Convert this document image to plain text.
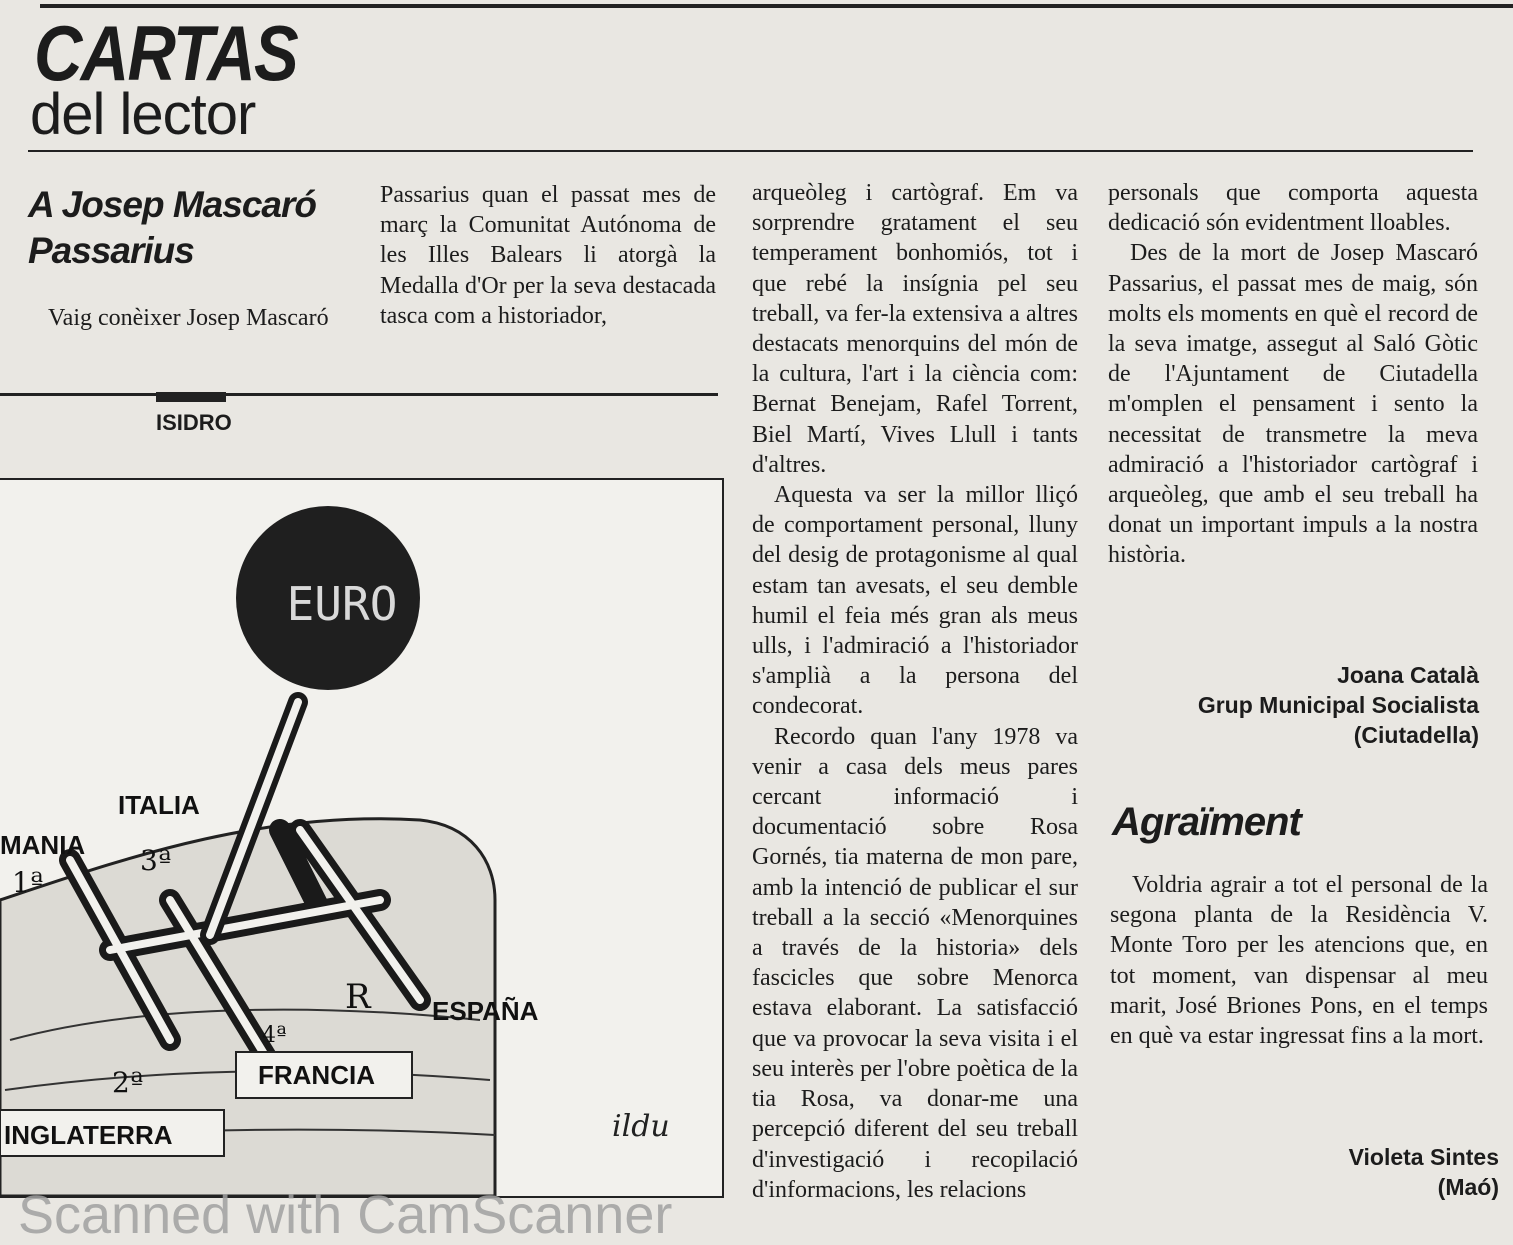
CARTAS
del lector
A Josep Mascaró Passarius

Vaig conèixer Josep Mascaró

Passarius quan el passat mes de març la Comunitat Autónoma de les Illes Balears li atorgà la Medalla d'Or per la seva destacada tasca com a historiador,

arqueòleg i cartògraf. Em va sorprendre gratament el seu temperament bonhomiós, tot i que rebé la insígnia pel seu treball, va fer-la extensiva a altres destacats menorquins del món de la cultura, l'art i la ciència com: Bernat Benejam, Rafel Torrent, Biel Martí, Vives Llull i tants d'altres.

Aquesta va ser la millor lliçó de comportament personal, lluny del desig de protagonisme al qual estam tan avesats, el seu demble humil el feia més gran als meus ulls, i l'admiració a l'historiador s'amplià a la persona del condecorat.

Recordo quan l'any 1978 va venir a casa dels meus pares cercant informació i documentació sobre Rosa Gornés, tia materna de mon pare, amb la intenció de publicar el sur treball a la secció «Menorquines a través de la historia» dels fascicles que sobre Menorca estava elaborant. La satisfacció que va provocar la seva visita i el seu interès per l'obre poètica de la tia Rosa, va donar-me una percepció diferent del seu treball d'investigació i recopilació d'informacions, les relacions

personals que comporta aquesta dedicació són evidentment lloables.

Des de la mort de Josep Mascaró Passarius, el passat mes de maig, són molts els moments en què el record de la seva imatge, assegut al Saló Gòtic de l'Ajuntament de Ciutadella m'omplen el pensament i sento la necessitat de transmetre la meva admiració a l'historiador cartògraf i arqueòleg, que amb el seu treball ha donat un important impuls a la nostra història.

Joana Català
Grup Municipal Socialista
(Ciutadella)
Agraïment

Voldria agrair a tot el personal de la segona planta de la Residència V. Monte Toro per les atencions que, en tot moment, van dispensar al meu marit, José Briones Pons, en el temps en què va estar ingressat fins a la mort.

Violeta Sintes
(Maó)
ISIDRO
EURO
1ª
2ª
3ª
4ª
R
ITALIA
MANIA
ESPAÑA
FRANCIA
INGLATERRA	ildu
Scanned with CamScanner
